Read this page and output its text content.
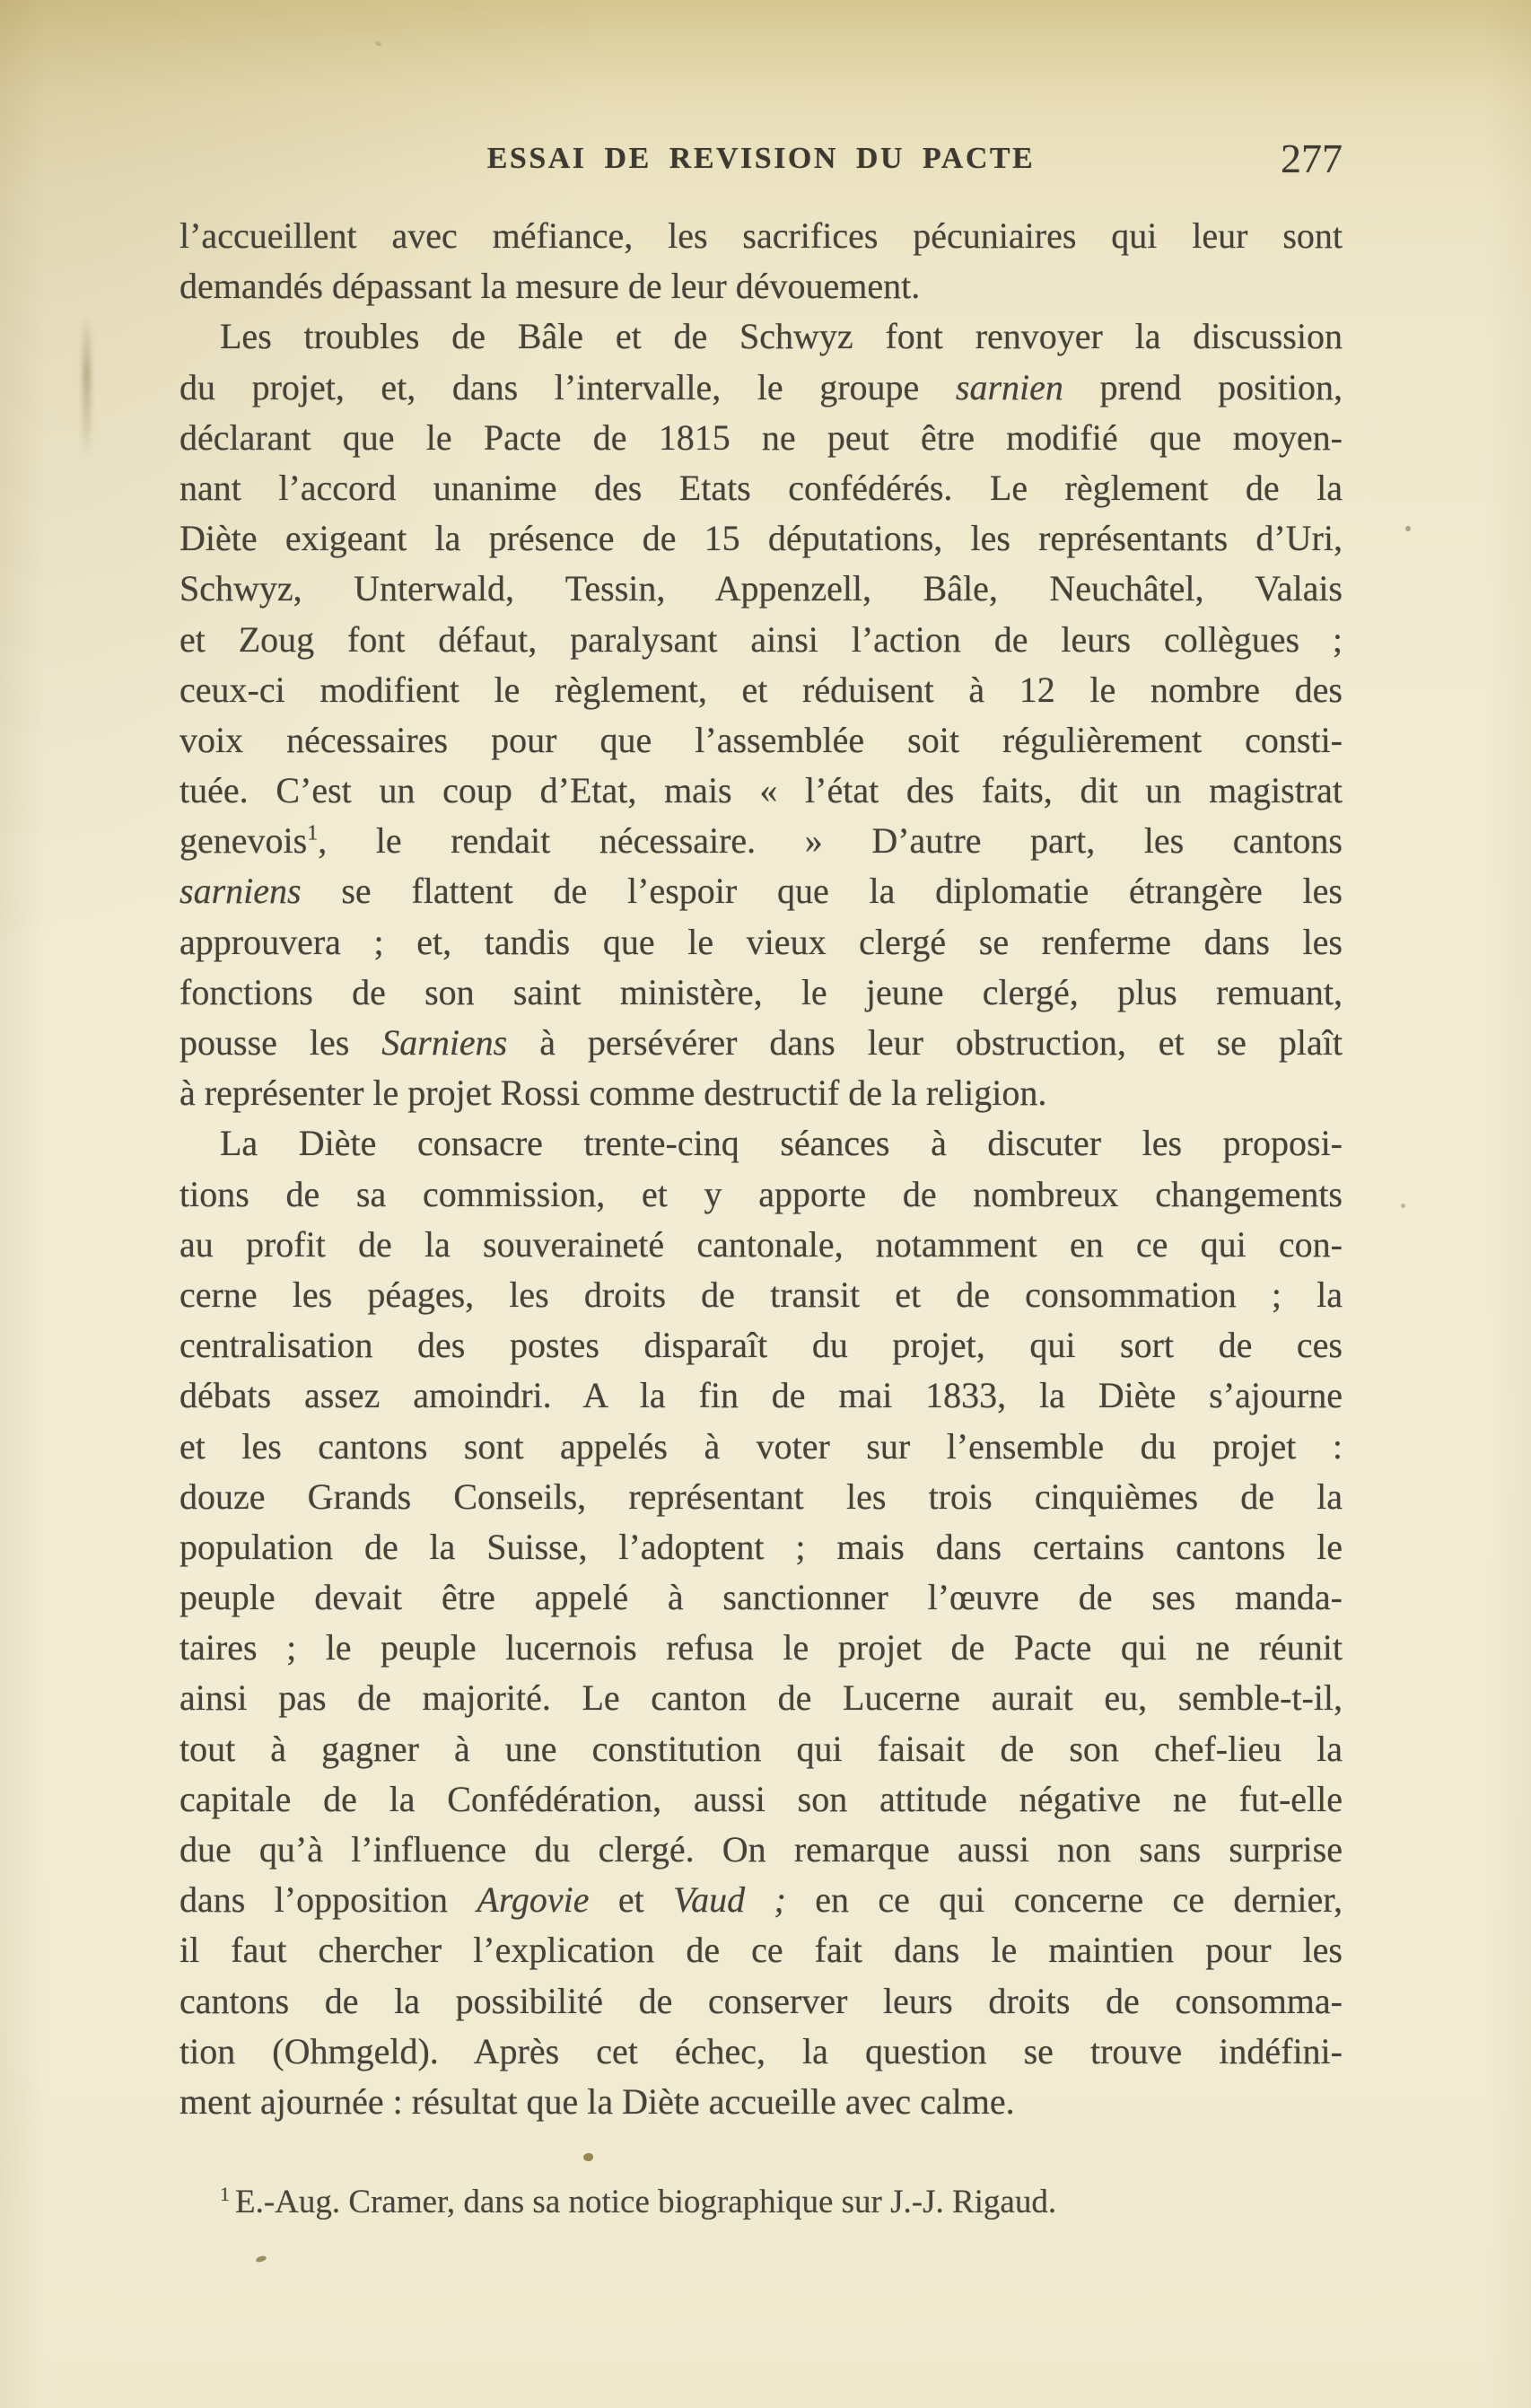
ESSAI DE REVISION DU PACTE	277
l’accueillent avec méfiance, les sacrifices pécuniaires qui leur sont
demandés dépassant la mesure de leur dévouement.
Les troubles de Bâle et de Schwyz font renvoyer la discussion
du projet, et, dans l’intervalle, le groupe sarnien prend position,
déclarant que le Pacte de 1815 ne peut être modifié que moyen-
nant l’accord unanime des Etats confédérés. Le règlement de la
Diète exigeant la présence de 15 députations, les représentants d’Uri,
Schwyz, Unterwald, Tessin, Appenzell, Bâle, Neuchâtel, Valais
et Zoug font défaut, paralysant ainsi l’action de leurs collègues ;
ceux-ci modifient le règlement, et réduisent à 12 le nombre des
voix nécessaires pour que l’assemblée soit régulièrement consti-
tuée. C’est un coup d’Etat, mais « l’état des faits, dit un magistrat
genevois$^1$, le rendait nécessaire. » D’autre part, les cantons
sarniens se flattent de l’espoir que la diplomatie étrangère les
approuvera ; et, tandis que le vieux clergé se renferme dans les
fonctions de son saint ministère, le jeune clergé, plus remuant,
pousse les Sarniens à persévérer dans leur obstruction, et se plaît
à représenter le projet Rossi comme destructif de la religion.
La Diète consacre trente-cinq séances à discuter les proposi-
tions de sa commission, et y apporte de nombreux changements
au profit de la souveraineté cantonale, notamment en ce qui con-
cerne les péages, les droits de transit et de consommation ; la
centralisation des postes disparaît du projet, qui sort de ces
débats assez amoindri. A la fin de mai 1833, la Diète s’ajourne
et les cantons sont appelés à voter sur l’ensemble du projet :
douze Grands Conseils, représentant les trois cinquièmes de la
population de la Suisse, l’adoptent ; mais dans certains cantons le
peuple devait être appelé à sanctionner l’œuvre de ses manda-
taires ; le peuple lucernois refusa le projet de Pacte qui ne réunit
ainsi pas de majorité. Le canton de Lucerne aurait eu, semble-t-il,
tout à gagner à une constitution qui faisait de son chef-lieu la
capitale de la Confédération, aussi son attitude négative ne fut-elle
due qu’à l’influence du clergé. On remarque aussi non sans surprise
dans l’opposition Argovie et Vaud ; en ce qui concerne ce dernier,
il faut chercher l’explication de ce fait dans le maintien pour les
cantons de la possibilité de conserver leurs droits de consomma-
tion (Ohmgeld). Après cet échec, la question se trouve indéfini-
ment ajournée : résultat que la Diète accueille avec calme.
$^1$ E.-Aug. Cramer, dans sa notice biographique sur J.-J. Rigaud.
